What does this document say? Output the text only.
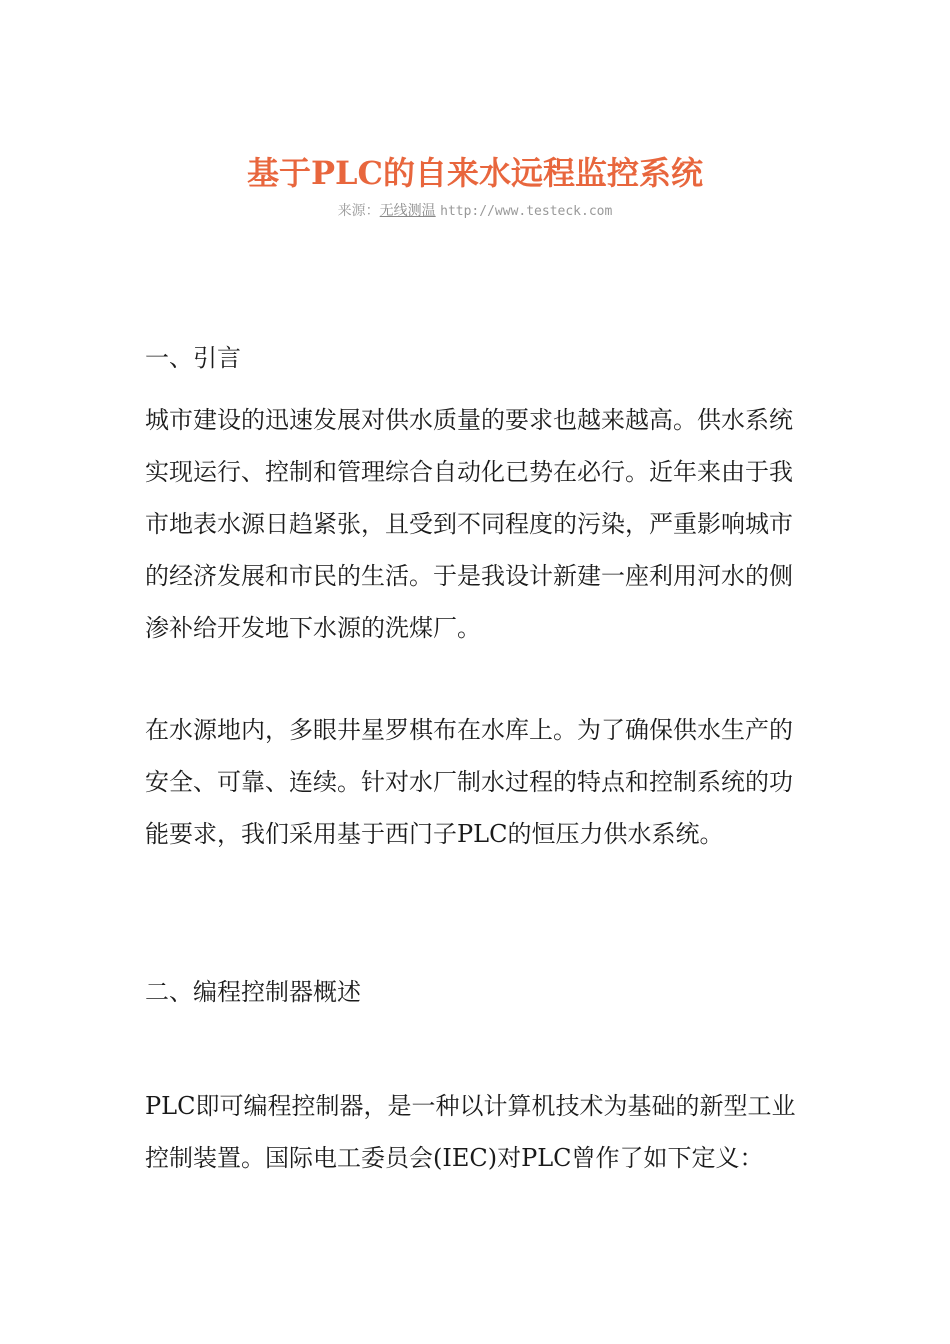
基于PLC的自来水远程监控系统
来源：无线测温 http://www.testeck.com
一、引言
城市建设的迅速发展对供水质量的要求也越来越高。供水系统实现运行、控制和管理综合自动化已势在必行。近年来由于我市地表水源日趋紧张，且受到不同程度的污染，严重影响城市的经济发展和市民的生活。于是我设计新建一座利用河水的侧渗补给开发地下水源的洗煤厂。
在水源地内，多眼井星罗棋布在水库上。为了确保供水生产的安全、可靠、连续。针对水厂制水过程的特点和控制系统的功能要求，我们采用基于西门子PLC的恒压力供水系统。
二、编程控制器概述
PLC即可编程控制器，是一种以计算机技术为基础的新型工业控制装置。国际电工委员会(IEC)对PLC曾作了如下定义：
